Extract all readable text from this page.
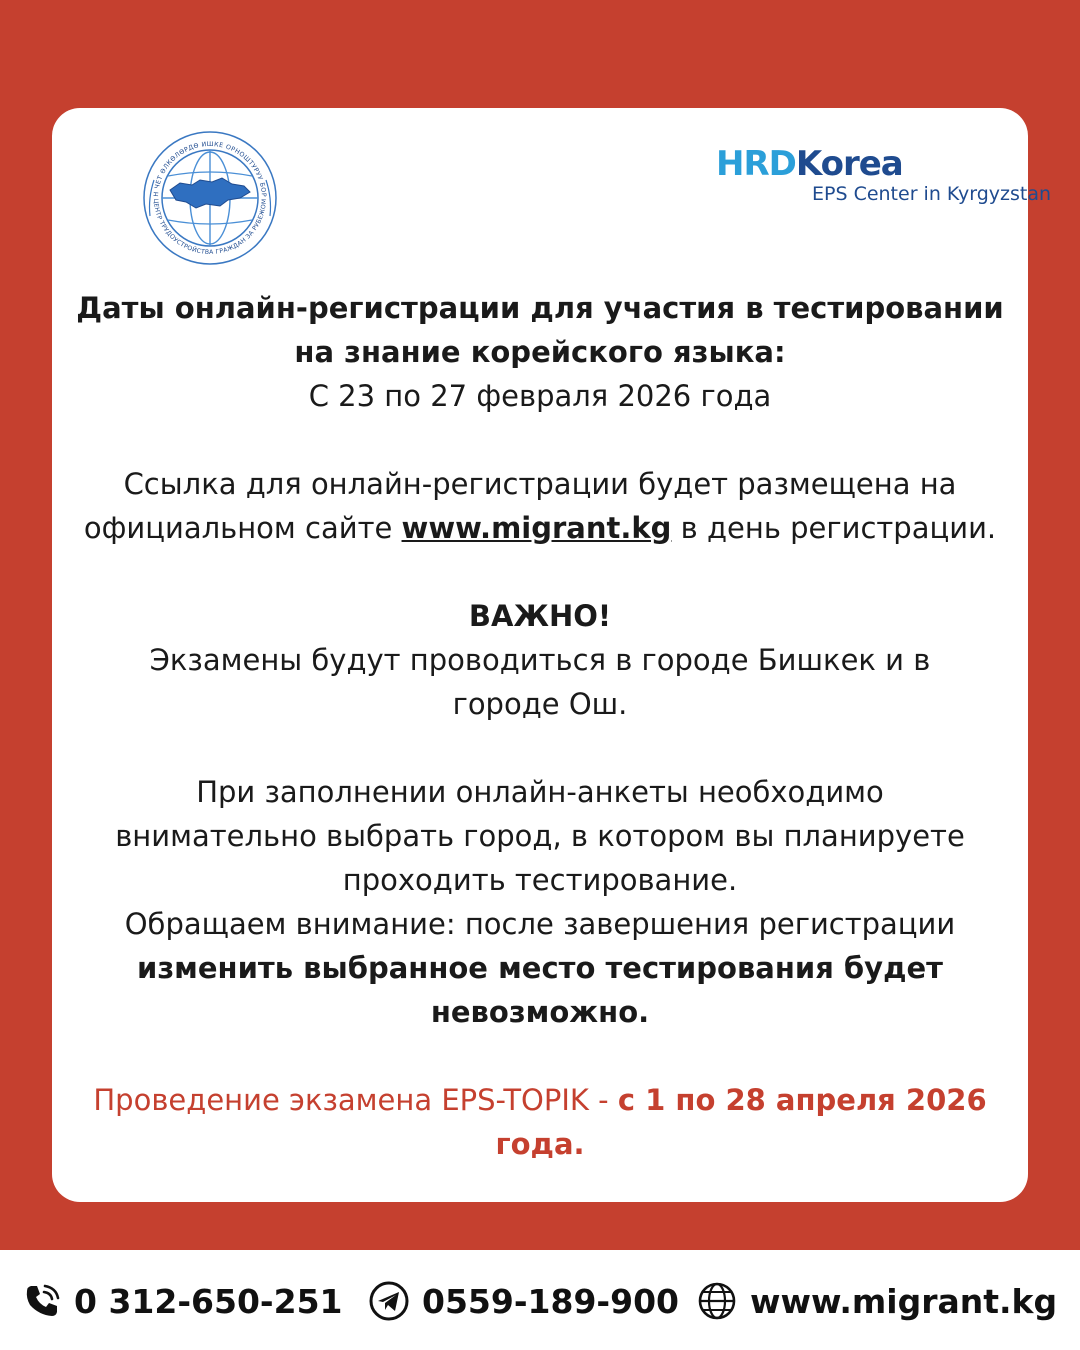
Н ЧЕТ ӨЛКӨЛӨРДӨ ИШКЕ ОРНОШТУРУУ БОР
ЦЕНТР ТРУДОУСТРОЙСТВА ГРАЖДАН ЗА РУБЕЖОМ
HRDKorea
EPS Center in Kyrgyzstan

Даты онлайн-регистрации для участия в тестировании

на знание корейского языка:

С 23 по 27 февраля 2026 года

Ссылка для онлайн-регистрации будет размещена на

официальном сайте www.migrant.kg в день регистрации.

ВАЖНО!

Экзамены будут проводиться в городе Бишкек и в

городе Ош.

При заполнении онлайн-анкеты необходимо

внимательно выбрать город, в котором вы планируете

проходить тестирование.

Обращаем внимание: после завершения регистрации

изменить выбранное место тестирования будет

невозможно.

Проведение экзамена EPS-TOPIK - с 1 по 28 апреля 2026

года.

0 312-650-251 0559-189-900 www.migrant.kg
